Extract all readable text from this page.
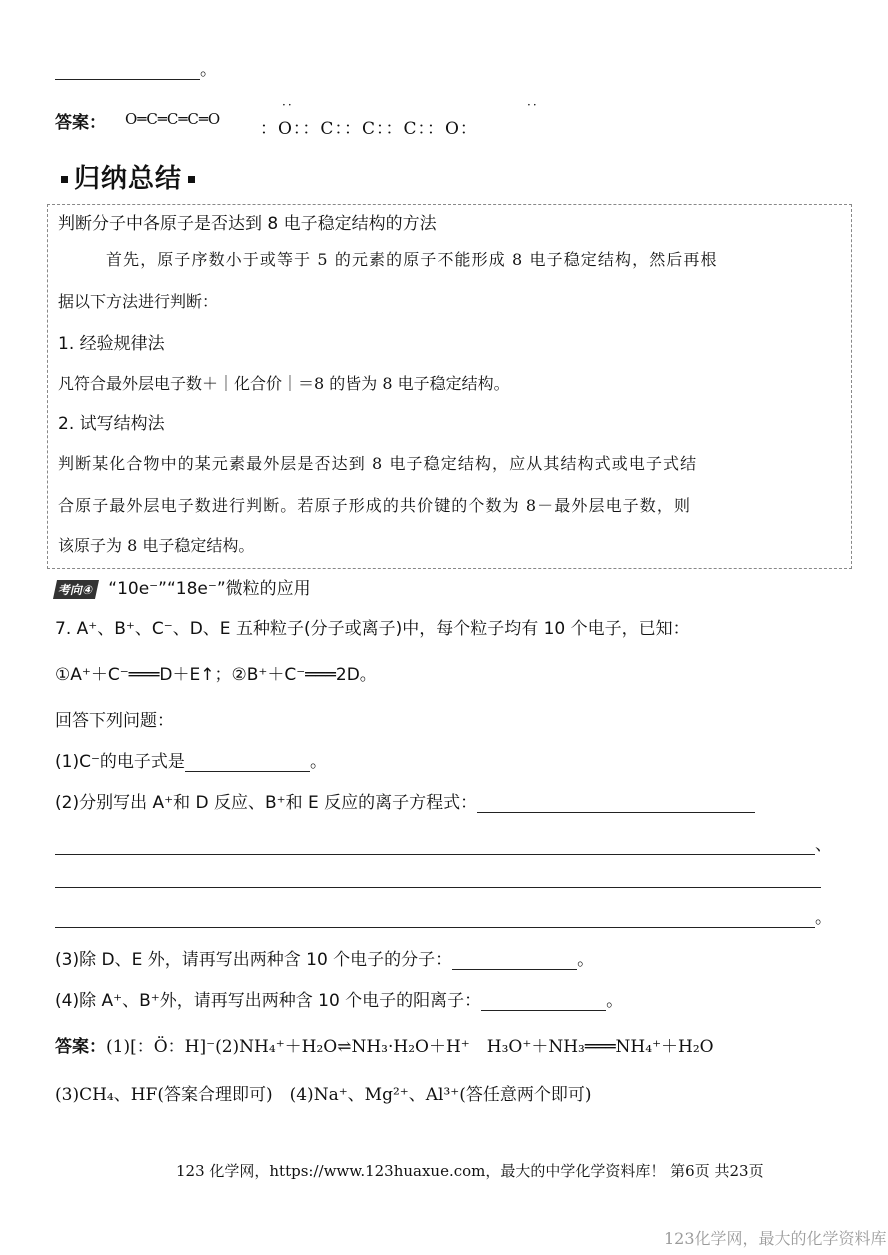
。
答案： O═C═C═C═O
··	··
：O：：C：：C：：C：：O：
归纳总结
判断分子中各原子是否达到 8 电子稳定结构的方法
首先，原子序数小于或等于 5 的元素的原子不能形成 8 电子稳定结构，然后再根
据以下方法进行判断：
1. 经验规律法
凡符合最外层电子数＋｜化合价｜＝8 的皆为 8 电子稳定结构。
2. 试写结构法
判断某化合物中的某元素最外层是否达到 8 电子稳定结构，应从其结构式或电子式结
合原子最外层电子数进行判断。若原子形成的共价键的个数为 8－最外层电子数，则
该原子为 8 电子稳定结构。
考向④ “10e⁻”“18e⁻”微粒的应用
7. A⁺、B⁺、C⁻、D、E 五种粒子(分子或离子)中，每个粒子均有 10 个电子，已知：
①A⁺＋C⁻═══D＋E↑；②B⁺＋C⁻═══2D。
回答下列问题：
(1)C⁻的电子式是	。
(2)分别写出 A⁺和 D 反应、B⁺和 E 反应的离子方程式：
、
。
(3)除 D、E 外，请再写出两种含 10 个电子的分子：	。
(4)除 A⁺、B⁺外，请再写出两种含 10 个电子的阳离子：	。
答案：(1)[：Ö：H]⁻(2)NH₄⁺＋H₂O⇌NH₃·H₂O＋H⁺　H₃O⁺＋NH₃═══NH₄⁺＋H₂O
(3)CH₄、HF(答案合理即可)　(4)Na⁺、Mg²⁺、Al³⁺(答任意两个即可)
123 化学网，https://www.123huaxue.com，最大的中学化学资料库！ 第6页 共23页
123化学网，最大的化学资料库
